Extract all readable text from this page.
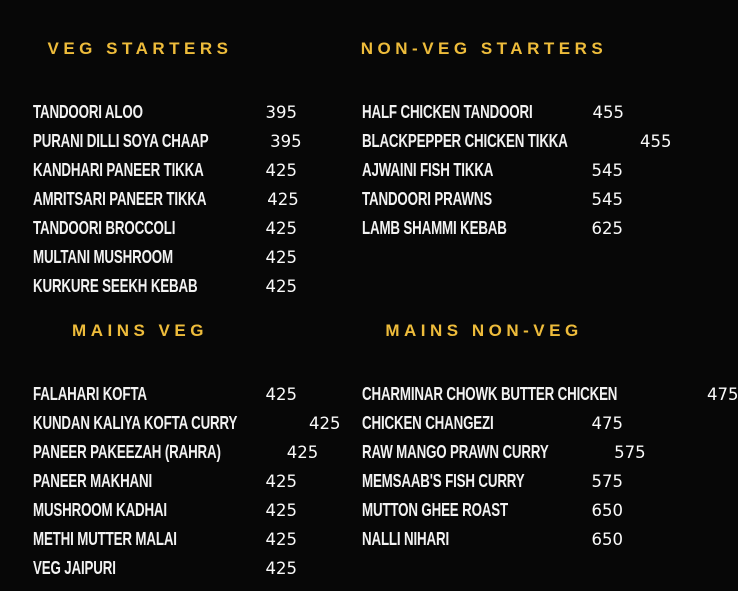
VEG STARTERS
TANDOORI ALOO	395
PURANI DILLI SOYA CHAAP	395
KANDHARI PANEER TIKKA	425
AMRITSARI PANEER TIKKA	425
TANDOORI BROCCOLI	425
MULTANI MUSHROOM	425
KURKURE SEEKH KEBAB	425
NON-VEG STARTERS
HALF CHICKEN TANDOORI	455
BLACKPEPPER CHICKEN TIKKA	455
AJWAINI FISH TIKKA	545
TANDOORI PRAWNS	545
LAMB SHAMMI KEBAB	625
MAINS VEG
FALAHARI KOFTA	425
KUNDAN KALIYA KOFTA CURRY	425
PANEER PAKEEZAH (RAHRA)	425
PANEER MAKHANI	425
MUSHROOM KADHAI	425
METHI MUTTER MALAI	425
VEG JAIPURI	425
MAINS NON-VEG
CHARMINAR CHOWK BUTTER CHICKEN	475
CHICKEN CHANGEZI	475
RAW MANGO PRAWN CURRY	575
MEMSAAB'S FISH CURRY	575
MUTTON GHEE ROAST	650
NALLI NIHARI	650
